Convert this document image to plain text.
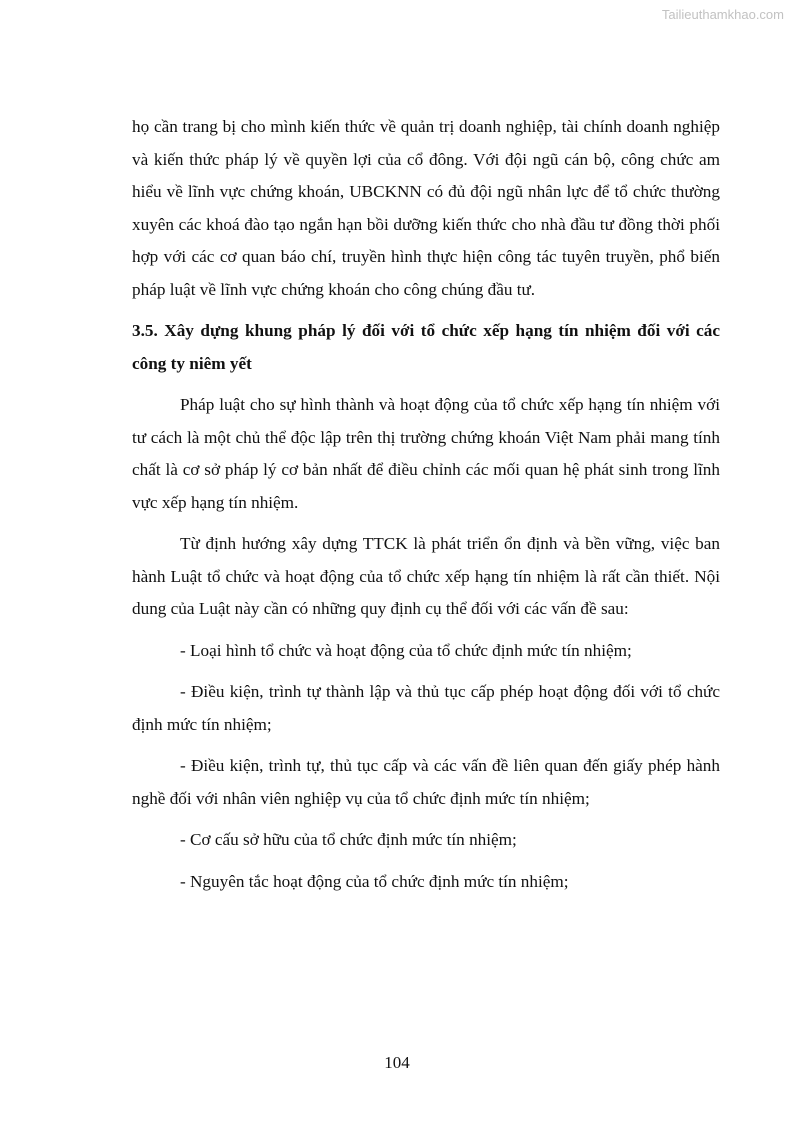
Tailieuthamkhao.com

họ cần trang bị cho mình kiến thức về quản trị doanh nghiệp, tài chính doanh nghiệp và kiến thức pháp lý về quyền lợi của cổ đông. Với đội ngũ cán bộ, công chức am hiểu về lĩnh vực chứng khoán, UBCKNN có đủ đội ngũ nhân lực để tổ chức thường xuyên các khoá đào tạo ngắn hạn bồi dưỡng kiến thức cho nhà đầu tư đồng thời phối hợp với các cơ quan báo chí, truyền hình thực hiện công tác tuyên truyền, phổ biến pháp luật về lĩnh vực chứng khoán cho công chúng đầu tư.

3.5. Xây dựng khung pháp lý đối với tổ chức xếp hạng tín nhiệm đối với các công ty niêm yết

Pháp luật cho sự hình thành và hoạt động của tổ chức xếp hạng tín nhiệm với tư cách là một chủ thể độc lập trên thị trường chứng khoán Việt Nam phải mang tính chất là cơ sở pháp lý cơ bản nhất để điều chỉnh các mối quan hệ phát sinh trong lĩnh vực xếp hạng tín nhiệm.

Từ định hướng xây dựng TTCK là phát triển ổn định và bền vững, việc ban hành Luật tổ chức và hoạt động của tổ chức xếp hạng tín nhiệm là rất cần thiết. Nội dung của Luật này cần có những quy định cụ thể đối với các vấn đề sau:

- Loại hình tổ chức và hoạt động của tổ chức định mức tín nhiệm;

- Điều kiện, trình tự thành lập và thủ tục cấp phép hoạt động đối với tổ chức định mức tín nhiệm;

- Điều kiện, trình tự, thủ tục cấp và các vấn đề liên quan đến giấy phép hành nghề đối với nhân viên nghiệp vụ của tổ chức định mức tín nhiệm;

- Cơ cấu sở hữu của tổ chức định mức tín nhiệm;

- Nguyên tắc hoạt động của tổ chức định mức tín nhiệm;

104
